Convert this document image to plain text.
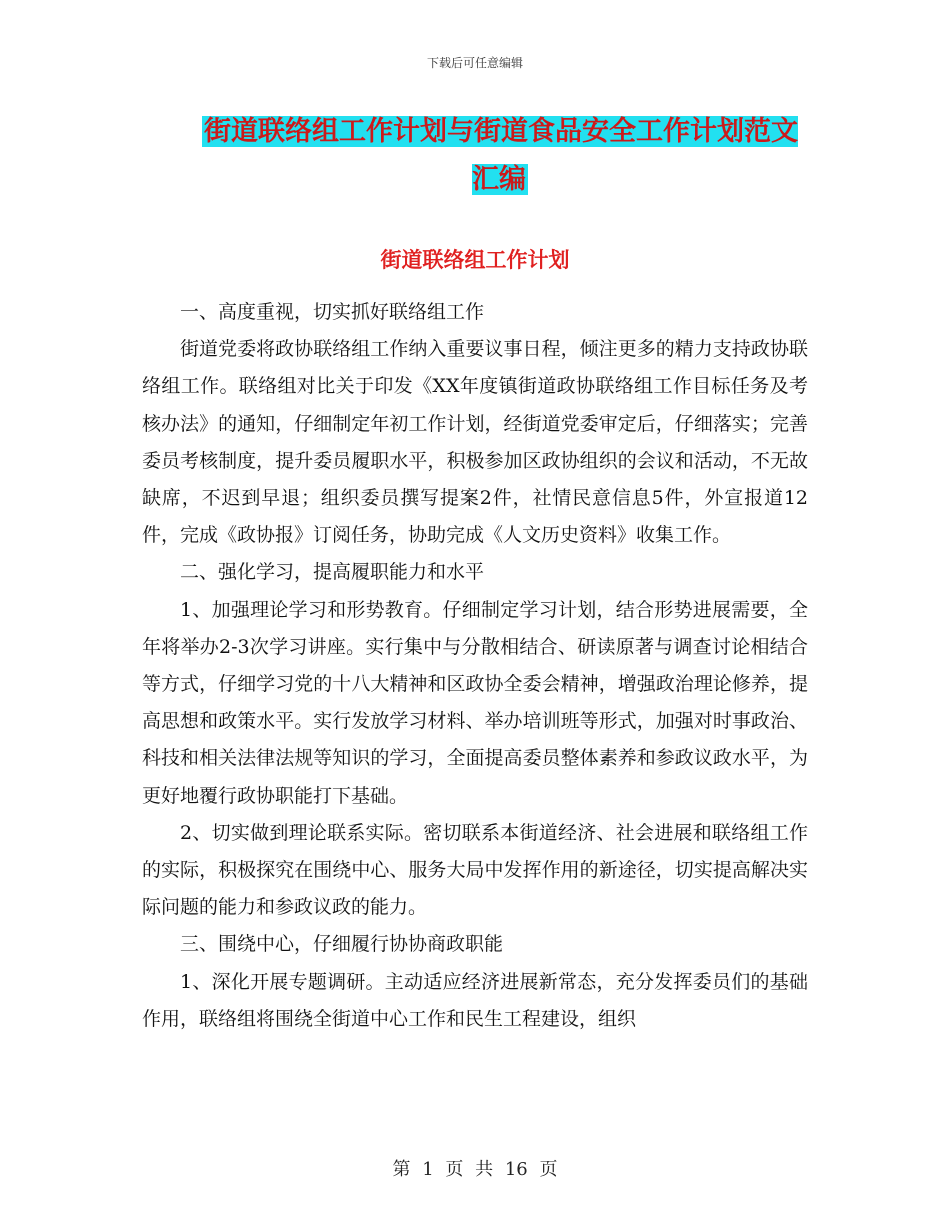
下载后可任意编辑
街道联络组工作计划与街道食品安全工作计划范文汇编
街道联络组工作计划

一、高度重视，切实抓好联络组工作

街道党委将政协联络组工作纳入重要议事日程，倾注更多的精力支持政协联络组工作。联络组对比关于印发《XX年度镇街道政协联络组工作目标任务及考核办法》的通知，仔细制定年初工作计划，经街道党委审定后，仔细落实；完善委员考核制度，提升委员履职水平，积极参加区政协组织的会议和活动，不无故缺席，不迟到早退；组织委员撰写提案2件，社情民意信息5件，外宣报道12件，完成《政协报》订阅任务，协助完成《人文历史资料》收集工作。

二、强化学习，提高履职能力和水平

1、加强理论学习和形势教育。仔细制定学习计划，结合形势进展需要，全年将举办2-3次学习讲座。实行集中与分散相结合、研读原著与调查讨论相结合等方式，仔细学习党的十八大精神和区政协全委会精神，增强政治理论修养，提高思想和政策水平。实行发放学习材料、举办培训班等形式，加强对时事政治、科技和相关法律法规等知识的学习，全面提高委员整体素养和参政议政水平，为更好地覆行政协职能打下基础。

2、切实做到理论联系实际。密切联系本街道经济、社会进展和联络组工作的实际，积极探究在围绕中心、服务大局中发挥作用的新途径，切实提高解决实际问题的能力和参政议政的能力。

三、围绕中心，仔细履行协协商政职能

1、深化开展专题调研。主动适应经济进展新常态，充分发挥委员们的基础作用，联络组将围绕全街道中心工作和民生工程建设，组织

第 1 页 共 16 页
